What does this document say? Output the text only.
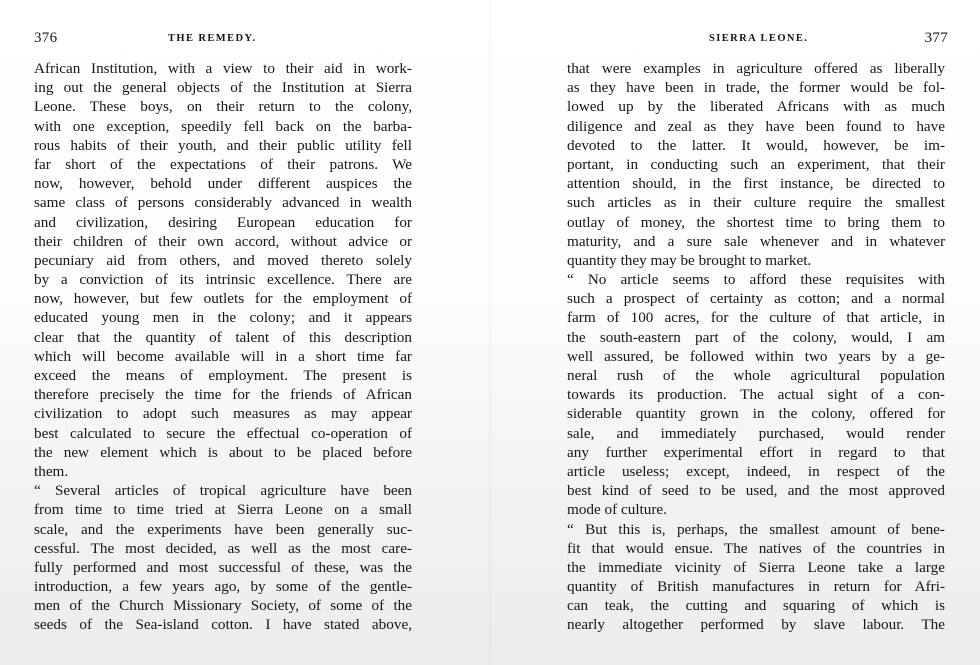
376	THE REMEDY.
African Institution, with a view to their aid in work-
ing out the general objects of the Institution at Sierra
Leone. These boys, on their return to the colony,
with one exception, speedily fell back on the barba-
rous habits of their youth, and their public utility fell
far short of the expectations of their patrons. We
now, however, behold under different auspices the
same class of persons considerably advanced in wealth
and civilization, desiring European education for
their children of their own accord, without advice or
pecuniary aid from others, and moved thereto solely
by a conviction of its intrinsic excellence. There are
now, however, but few outlets for the employment of
educated young men in the colony; and it appears
clear that the quantity of talent of this description
which will become available will in a short time far
exceed the means of employment. The present is
therefore precisely the time for the friends of African
civilization to adopt such measures as may appear
best calculated to secure the effectual co-operation of
the new element which is about to be placed before
them.
“ Several articles of tropical agriculture have been
from time to time tried at Sierra Leone on a small
scale, and the experiments have been generally suc-
cessful. The most decided, as well as the most care-
fully performed and most successful of these, was the
introduction, a few years ago, by some of the gentle-
men of the Church Missionary Society, of some of the
seeds of the Sea-island cotton. I have stated above,
SIERRA LEONE.	377
that were examples in agriculture offered as liberally
as they have been in trade, the former would be fol-
lowed up by the liberated Africans with as much
diligence and zeal as they have been found to have
devoted to the latter. It would, however, be im-
portant, in conducting such an experiment, that their
attention should, in the first instance, be directed to
such articles as in their culture require the smallest
outlay of money, the shortest time to bring them to
maturity, and a sure sale whenever and in whatever
quantity they may be brought to market.
“ No article seems to afford these requisites with
such a prospect of certainty as cotton; and a normal
farm of 100 acres, for the culture of that article, in
the south-eastern part of the colony, would, I am
well assured, be followed within two years by a ge-
neral rush of the whole agricultural population
towards its production. The actual sight of a con-
siderable quantity grown in the colony, offered for
sale, and immediately purchased, would render
any further experimental effort in regard to that
article useless; except, indeed, in respect of the
best kind of seed to be used, and the most approved
mode of culture.
“ But this is, perhaps, the smallest amount of bene-
fit that would ensue. The natives of the countries in
the immediate vicinity of Sierra Leone take a large
quantity of British manufactures in return for Afri-
can teak, the cutting and squaring of which is
nearly altogether performed by slave labour. The
